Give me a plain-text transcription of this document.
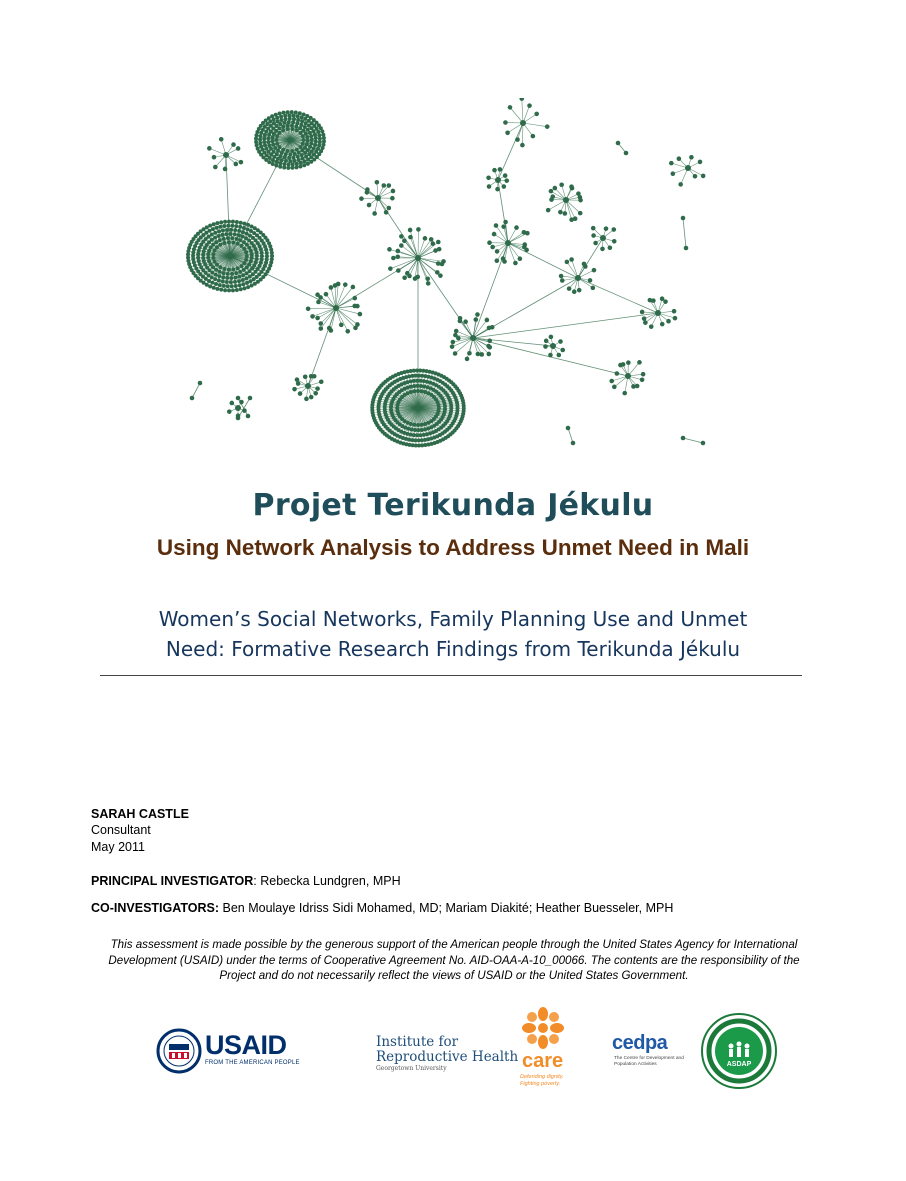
Projet Terikunda Jékulu
Using Network Analysis to Address Unmet Need in Mali
Women’s Social Networks, Family Planning Use and Unmet
Need: Formative Research Findings from Terikunda Jékulu
SARAH CASTLE
Consultant
May 2011
PRINCIPAL INVESTIGATOR: Rebecka Lundgren, MPH
CO-INVESTIGATORS: Ben Moulaye Idriss Sidi Mohamed, MD; Mariam Diakité; Heather Buesseler, MPH
This assessment is made possible by the generous support of the American people through the United States Agency for International Development (USAID) under the terms of Cooperative Agreement No. AID-OAA-A-10_00066. The contents are the responsibility of the Project and do not necessarily reflect the views of USAID or the United States Government.
USAID
FROM THE AMERICAN PEOPLE
Institute for
Reproductive Health
Georgetown University	care
Defending dignity. Fighting poverty.
cedpa
The Centre for Development and Population Activities	ASDAP
